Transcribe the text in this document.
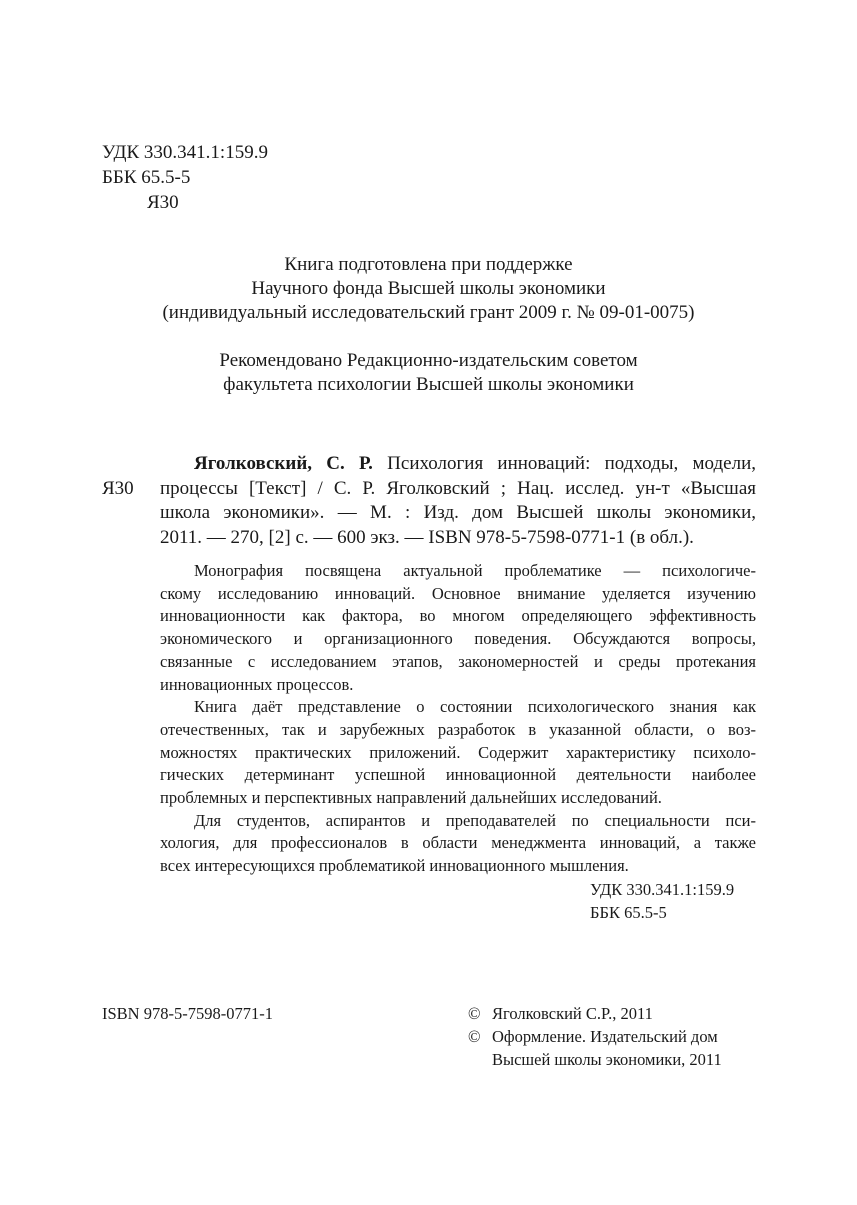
УДК 330.341.1:159.9
ББК 65.5-5
Я30
Книга подготовлена при поддержке
Научного фонда Высшей школы экономики
(индивидуальный исследовательский грант 2009 г. № 09-01-0075)
Рекомендовано Редакционно-издательским советом
факультета психологии Высшей школы экономики
Я30
Яголковский, С. Р. Психология инноваций: подходы, модели,
процессы [Текст] / С. Р. Яголковский ; Нац. исслед. ун-т «Высшая
школа экономики». — М. : Изд. дом Высшей школы экономики,
2011. — 270, [2] с. — 600 экз. — ISBN 978-5-7598-0771-1 (в обл.).
Монография посвящена актуальной проблематике — психологиче-
скому исследованию инноваций. Основное внимание уделяется изучению
инновационности как фактора, во многом определяющего эффективность
экономического и организационного поведения. Обсуждаются вопросы,
связанные с исследованием этапов, закономерностей и среды протекания
инновационных процессов.
Книга даёт представление о состоянии психологического знания как
отечественных, так и зарубежных разработок в указанной области, о воз-
можностях практических приложений. Содержит характеристику психоло-
гических детерминант успешной инновационной деятельности наиболее
проблемных и перспективных направлений дальнейших исследований.
Для студентов, аспирантов и преподавателей по специальности пси-
хология, для профессионалов в области менеджмента инноваций, а также
всех интересующихся проблематикой инновационного мышления.
УДК 330.341.1:159.9
ББК 65.5-5
ISBN 978-5-7598-0771-1	© Яголковский С.Р., 2011
© Оформление. Издательский дом
Высшей школы экономики, 2011
